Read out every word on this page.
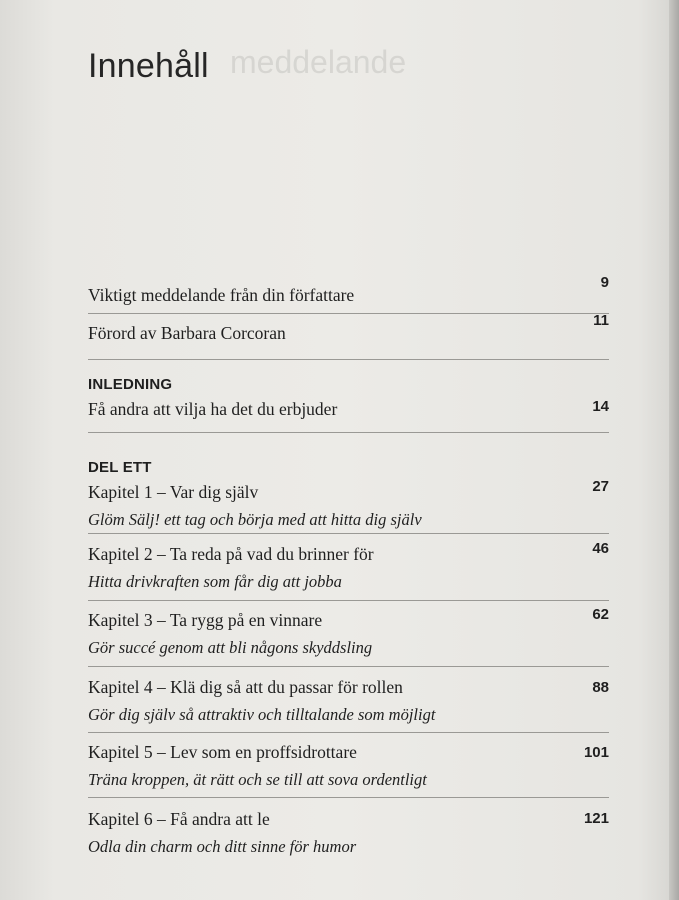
meddelande
Innehåll
Viktigt meddelande från din författare
9
Förord av Barbara Corcoran
11
INLEDNING
Få andra att vilja ha det du erbjuder	14
DEL ETT
Kapitel 1 – Var dig själv
Glöm Sälj! ett tag och börja med att hitta dig själv
27
Kapitel 2 – Ta reda på vad du brinner för
Hitta drivkraften som får dig att jobba
46
Kapitel 3 – Ta rygg på en vinnare
Gör succé genom att bli någons skyddsling
62
Kapitel 4 – Klä dig så att du passar för rollen
Gör dig själv så attraktiv och tilltalande som möjligt
88
Kapitel 5 – Lev som en proffsidrottare
Träna kroppen, ät rätt och se till att sova ordentligt
101
Kapitel 6 – Få andra att le
Odla din charm och ditt sinne för humor
121
